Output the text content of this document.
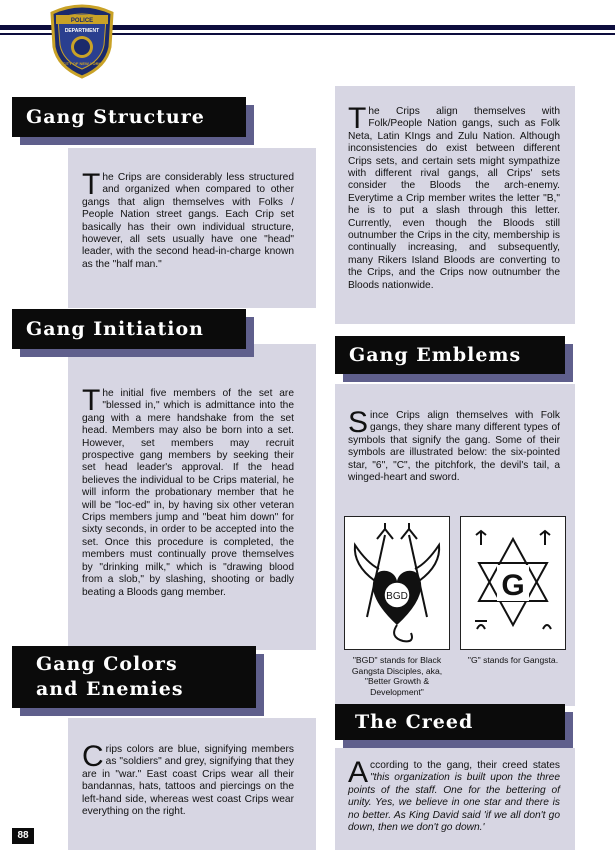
POLICE
DEPARTMENT
CITY OF NEW YORK
Gang Structure
Gang Initiation
Gang Colors
and Enemies
Gang Emblems
The Creed

The Crips are considerably less structured and organized when compared to other gangs that align themselves with Folks / People Nation street gangs. Each Crip set basically has their own individual structure, however, all sets usually have one "head" leader, with the second head-in-charge known as the "half man."

The initial five members of the set are "blessed in," which is admittance into the gang with a mere handshake from the set head. Members may also be born into a set. However, set members may recruit prospective gang members by seeking their set head leader's approval. If the head believes the individual to be Crips material, he will inform the probationary member that he will be "loc-ed" in, by having six other veteran Crips members jump and "beat him down" for sixty seconds, in order to be accepted into the set. Once this procedure is completed, the members must continually prove themselves by "drinking milk," which is "drawing blood from a slob," by slashing, shooting or badly beating a Bloods gang member.

Crips colors are blue, signifying members as "soldiers" and grey, signifying that they are in "war." East coast Crips wear all their bandannas, hats, tattoos and piercings on the left-hand side, whereas west coast Crips wear everything on the right.

The Crips align themselves with Folk/People Nation gangs, such as Folk Neta, Latin KIngs and Zulu Nation. Although inconsistencies do exist between different Crips sets, and certain sets might sympathize with different rival gangs, all Crips' sets consider the Bloods the arch-enemy. Everytime a Crip member writes the letter "B," he is to put a slash through this letter. Currently, even though the Bloods still outnumber the Crips in the city, membership is continually increasing, and subsequently, many Rikers Island Bloods are converting to the Crips, and the Crips now outnumber the Bloods nationwide.

Since Crips align themselves with Folk gangs, they share many different types of symbols that signify the gang. Some of their symbols are illustrated below: the six-pointed star, "6", "C", the pitchfork, the devil's tail, a winged-heart and sword.

BGD

"BGD" stands for Black Gangsta Disciples, aka, "Better Growth & Development"

G

"G" stands for Gangsta.

According to the gang, their creed states "this organization is built upon the three points of the staff. One for the bettering of unity. Yes, we believe in one star and there is no better. As King David said 'if we all don't go down, then we don't go down.'

88
